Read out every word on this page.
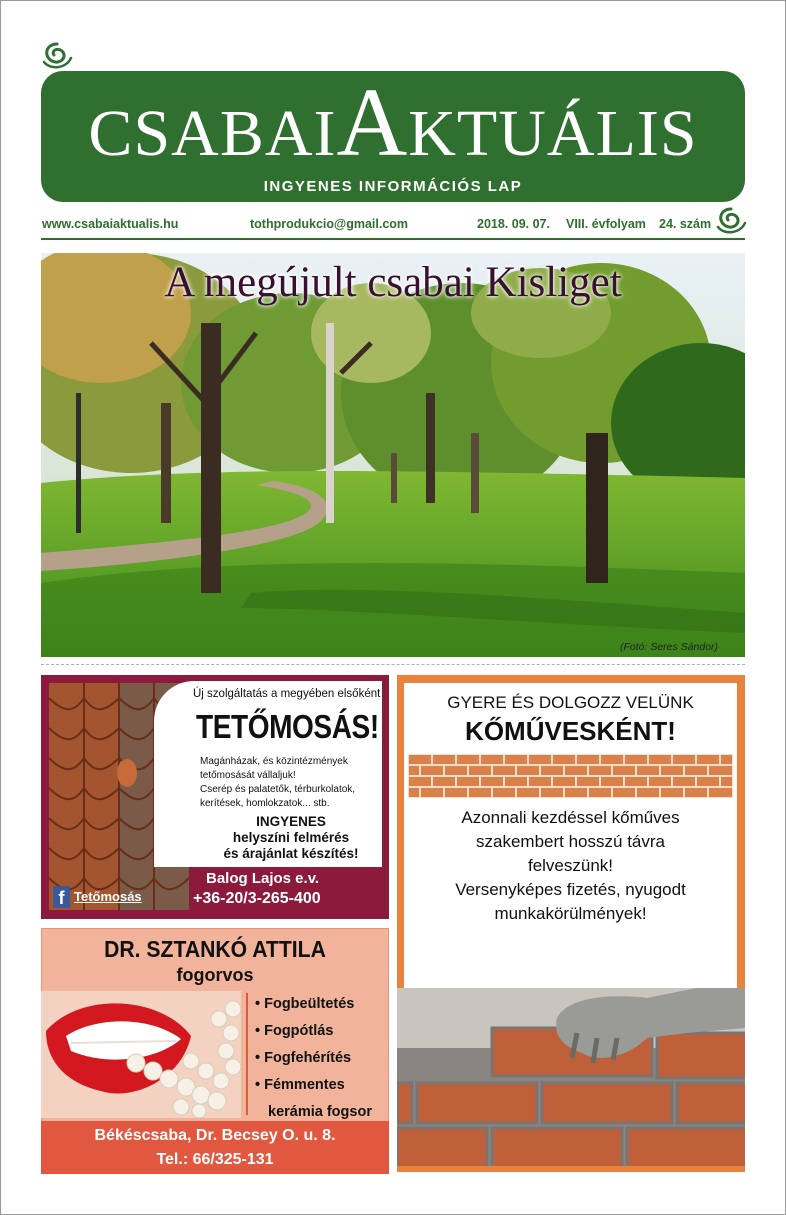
CSABAIAKTUÁLIS
INGYENES INFORMÁCIÓS LAP
www.csabaiaktualis.hu	tothprodukcio@gmail.com	2018. 09. 07. VIII. évfolyam 24. szám
A megújult csabai Kisliget
(Fotó: Seres Sándor)
Új szolgáltatás a megyében elsőként
TETŐMOSÁS!
Magánházak, és közintézmények
tetőmosását vállaljuk!
Cserép és palatetők, térburkolatok,
kerítések, homlokzatok... stb.
INGYENES
helyszíni felmérés
és árajánlat készítés!
f Tetőmosás
Balog Lajos e.v.
+36-20/3-265-400
GYERE ÉS DOLGOZZ VELÜNK
KŐMŰVESKÉNT!
Azonnali kezdéssel kőműves
szakembert hosszú távra
felveszünk!
Versenyképes fizetés, nyugodt
munkakörülmények!
Időpont egyeztetés a
06-70/627-9300-es számon!
DR. SZTANKÓ ATTILA
fogorvos
• Fogbeültetés
• Fogpótlás
• Fogfehérítés
• Fémmentes
kerámia fogsor
Békéscsaba, Dr. Becsey O. u. 8.
Tel.: 66/325-131
